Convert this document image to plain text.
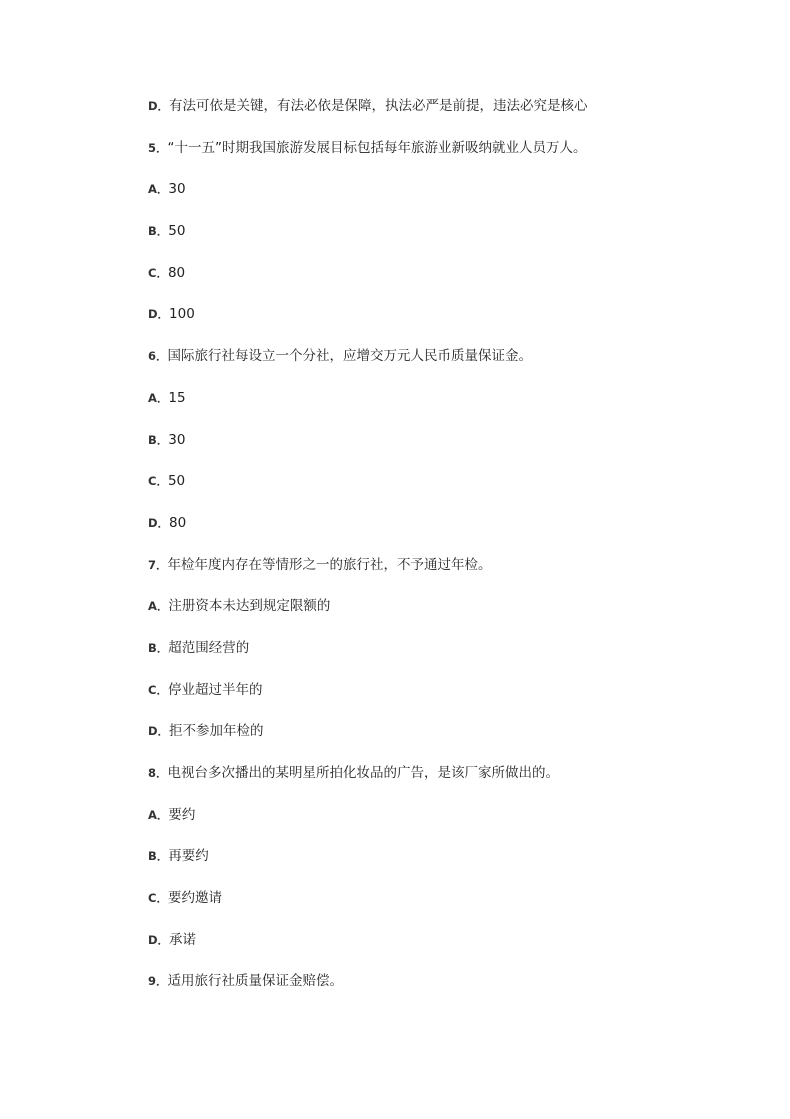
D．有法可依是关键，有法必依是保障，执法必严是前提，违法必究是核心
5．“十一五”时期我国旅游发展目标包括每年旅游业新吸纳就业人员万人。
A．30
B．50
C．80
D．100
6．国际旅行社每设立一个分社，应增交万元人民币质量保证金。
A．15
B．30
C．50
D．80
7．年检年度内存在等情形之一的旅行社，不予通过年检。
A．注册资本未达到规定限额的
B．超范围经营的
C．停业超过半年的
D．拒不参加年检的
8．电视台多次播出的某明星所拍化妆品的广告，是该厂家所做出的。
A．要约
B．再要约
C．要约邀请
D．承诺
9．适用旅行社质量保证金赔偿。
